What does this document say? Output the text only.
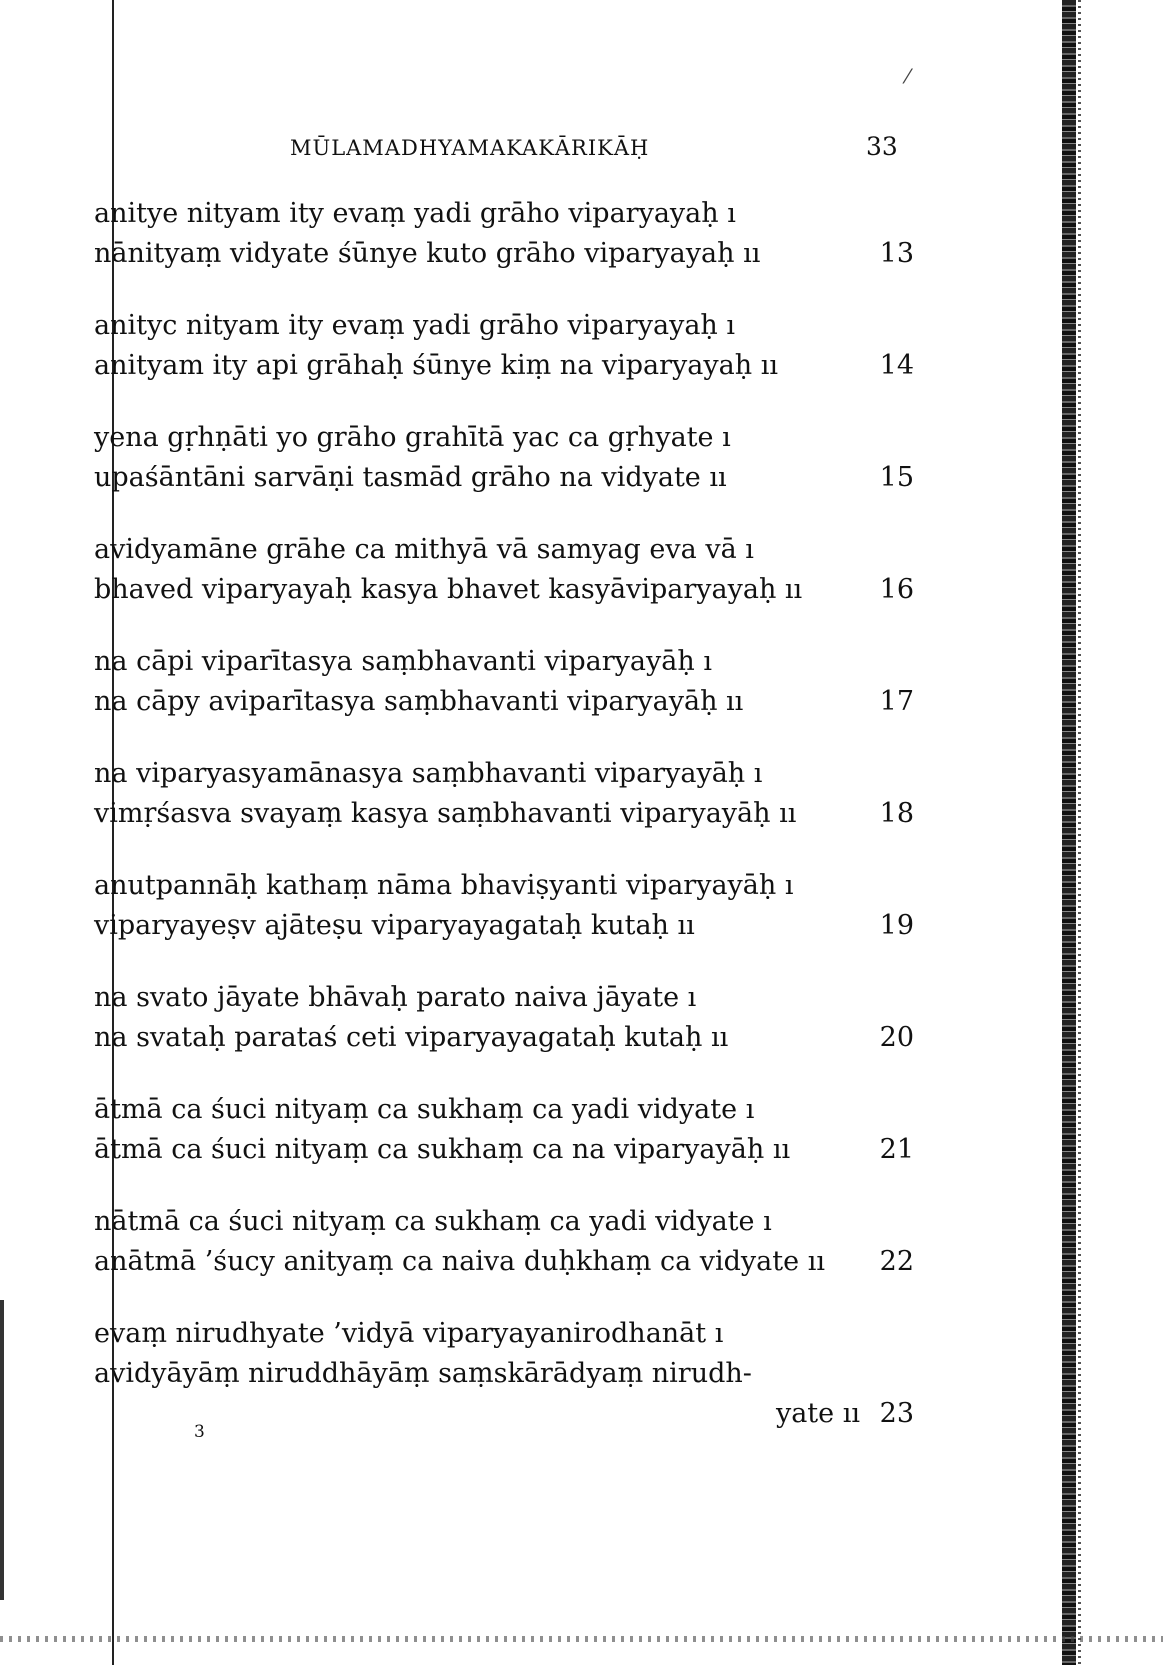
⁄
MŪLAMADHYAMAKAKĀRIKĀḤ	33
anitye nityam ity evaṃ yadi grāho viparyayaḥ ı
nānityaṃ vidyate śūnye kuto grāho viparyayaḥ ıı	13
anityc nityam ity evaṃ yadi grāho viparyayaḥ ı
anityam ity api grāhaḥ śūnye kiṃ na viparyayaḥ ıı	14
yena gṛhṇāti yo grāho grahītā yac ca gṛhyate ı
upaśāntāni sarvāṇi tasmād grāho na vidyate ıı	15
avidyamāne grāhe ca mithyā vā samyag eva vā ı
bhaved viparyayaḥ kasya bhavet kasyāviparyayaḥ ıı	16
na cāpi viparītasya saṃbhavanti viparyayāḥ ı
na cāpy aviparītasya saṃbhavanti viparyayāḥ ıı	17
na viparyasyamānasya saṃbhavanti viparyayāḥ ı
vimṛśasva svayaṃ kasya saṃbhavanti viparyayāḥ ıı	18
anutpannāḥ kathaṃ nāma bhaviṣyanti viparyayāḥ ı
viparyayeṣv ajāteṣu viparyayagataḥ kutaḥ ıı	19
na svato jāyate bhāvaḥ parato naiva jāyate ı
na svataḥ parataś ceti viparyayagataḥ kutaḥ ıı	20
ātmā ca śuci nityaṃ ca sukhaṃ ca yadi vidyate ı
ātmā ca śuci nityaṃ ca sukhaṃ ca na viparyayāḥ ıı	21
nātmā ca śuci nityaṃ ca sukhaṃ ca yadi vidyate ı
anātmā ’śucy anityaṃ ca naiva duḥkhaṃ ca vidyate ıı 22
evaṃ nirudhyate ’vidyā viparyayanirodhanāt ı
avidyāyāṃ niruddhāyāṃ saṃskārādyaṃ nirudh-
yate ıı 23
3
